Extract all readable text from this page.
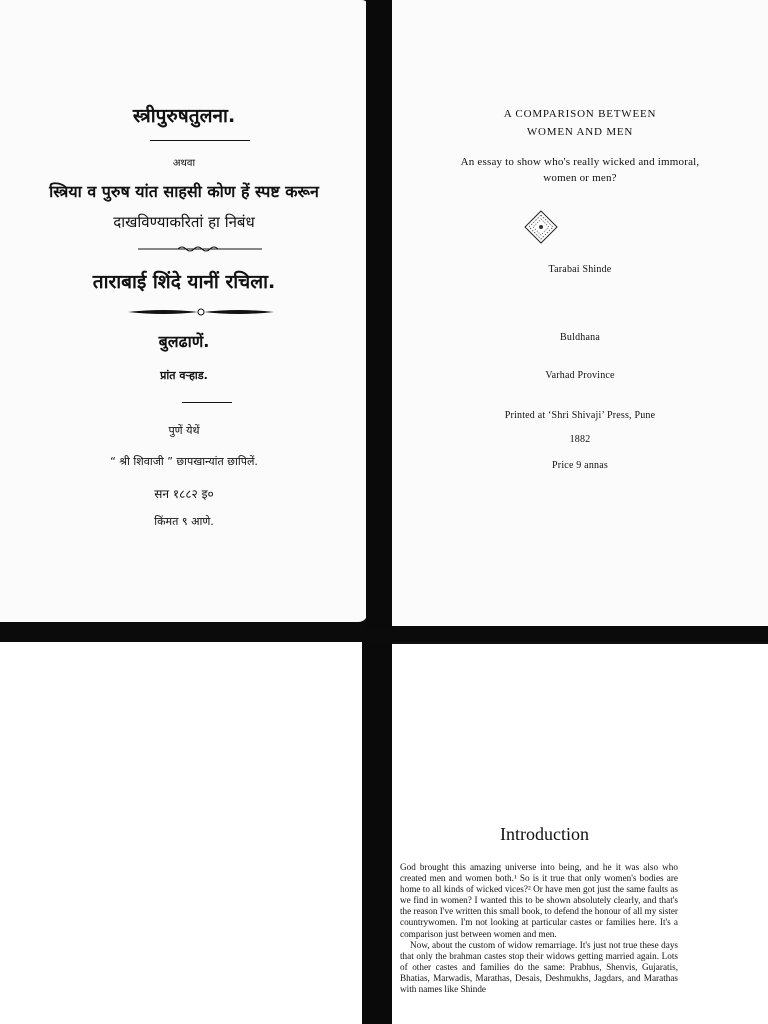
स्त्रीपुरुषतुलना.
अथवा
स्त्रिया व पुरुष यांत साहसी कोण हें स्पष्ट करून
दाखविण्याकरितां हा निबंध
ताराबाई शिंदे यानीं रचिला.
बुलढाणें.
प्रांत वऱ्हाड.
पुणें येथें
“ श्री शिवाजी ” छापखान्यांत छापिलें.
सन १८८२ इ०
किंमत ९ आणे.
A COMPARISON BETWEEN
WOMEN AND MEN
An essay to show who's really wicked and immoral,
women or men?
Tarabai Shinde
Buldhana
Varhad Province
Printed at ‘Shri Shivaji’ Press, Pune
1882
Price 9 annas
Introduction

God brought this amazing universe into being, and he it was also who created men and women both.¹ So is it true that only women's bodies are home to all kinds of wicked vices?² Or have men got just the same faults as we find in women? I wanted this to be shown absolutely clearly, and that's the reason I've written this small book, to defend the honour of all my sister countrywomen. I'm not looking at particular castes or families here. It's a comparison just between women and men.

Now, about the custom of widow remarriage. It's just not true these days that only the brahman castes stop their widows getting married again. Lots of other castes and families do the same: Prabhus, Shenvis, Gujaratis, Bhatias, Marwadis, Marathas, Desais, Deshmukhs, Jagdars, and Marathas with names like Shinde
